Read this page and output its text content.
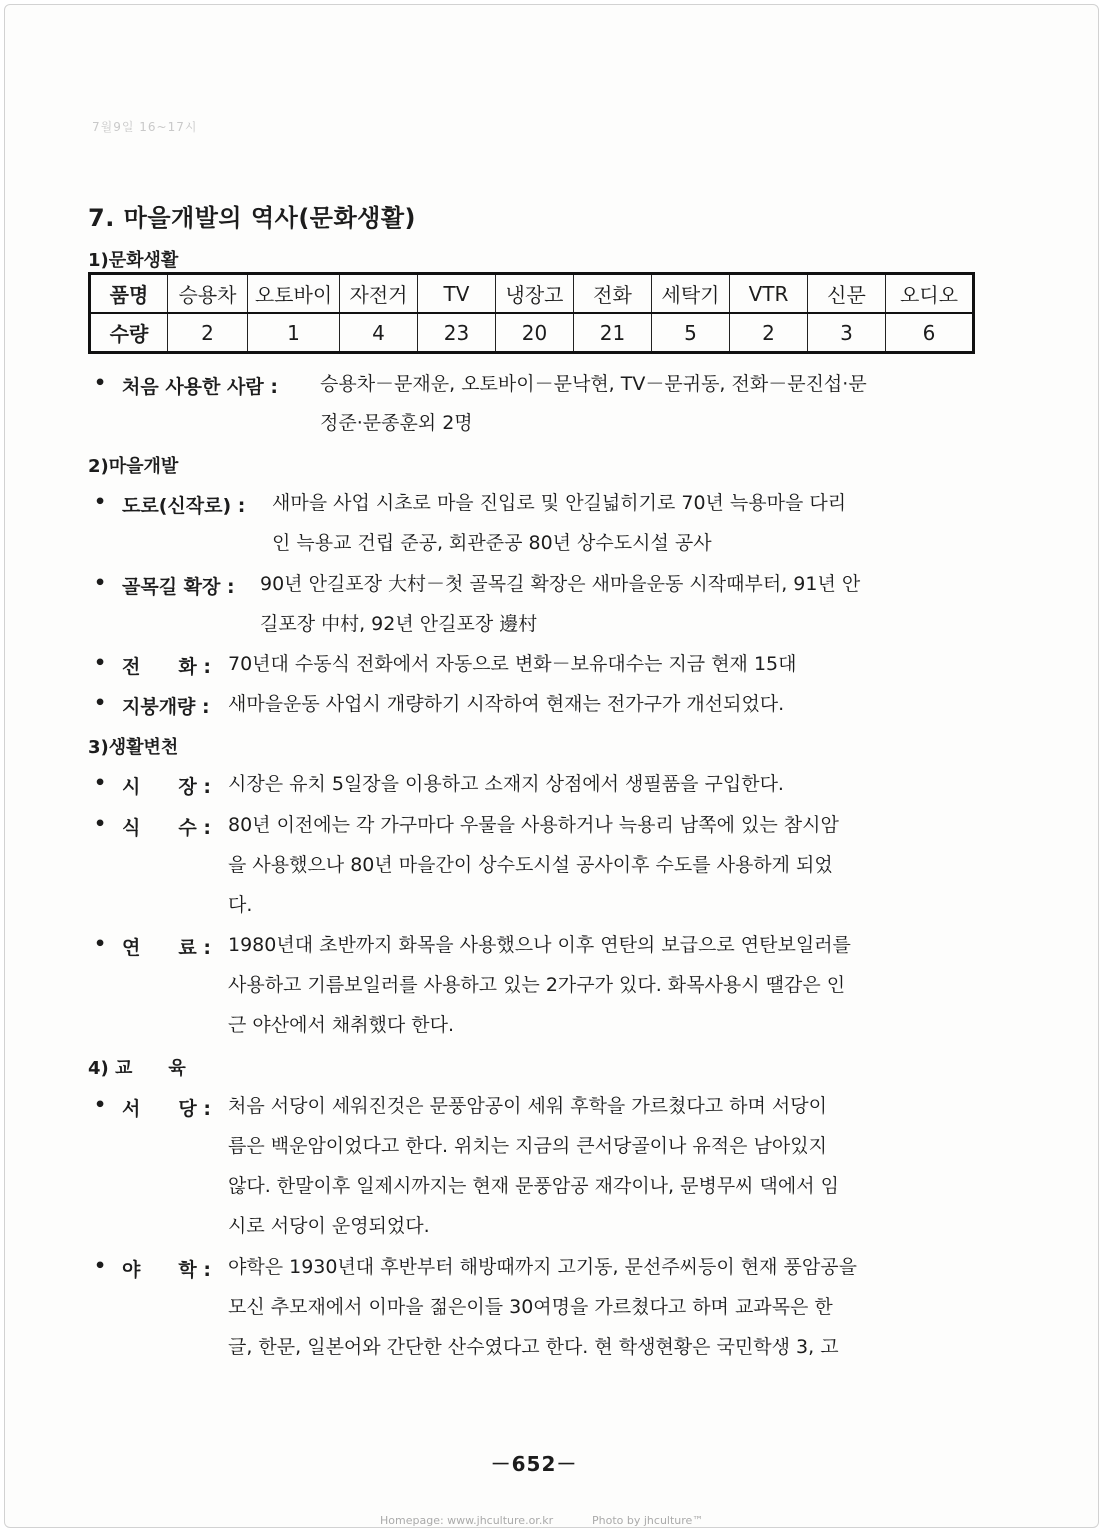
7월9일 16~17시
7. 마을개발의 역사(문화생활)
1)문화생활
품명	승용차	오토바이	자전거	TV	냉장고	전화	세탁기	VTR	신문	오디오
수량	2	1	4	23	20	21	5	2	3	6
• 처음 사용한 사람 : 승용차－문재운, 오토바이－문낙현, TV－문귀동, 전화－문진섭·문
정준·문종훈외 2명
2)마을개발
• 도로(신작로) : 새마을 사업 시초로 마을 진입로 및 안길넓히기로 70년 늑용마을 다리
인 늑용교 건립 준공, 회관준공 80년 상수도시설 공사
• 골목길 확장 : 90년 안길포장 大村－첫 골목길 확장은 새마을운동 시작때부터, 91년 안
길포장 中村, 92년 안길포장 邊村
• 전　　화 : 70년대 수동식 전화에서 자동으로 변화－보유대수는 지금 현재 15대
• 지붕개량 : 새마을운동 사업시 개량하기 시작하여 현재는 전가구가 개선되었다.
3)생활변천
• 시　　장 : 시장은 유치 5일장을 이용하고 소재지 상점에서 생필품을 구입한다.
• 식　　수 : 80년 이전에는 각 가구마다 우물을 사용하거나 늑용리 남쪽에 있는 참시암
을 사용했으나 80년 마을간이 상수도시설 공사이후 수도를 사용하게 되었
다.
• 연　　료 : 1980년대 초반까지 화목을 사용했으나 이후 연탄의 보급으로 연탄보일러를
사용하고 기름보일러를 사용하고 있는 2가구가 있다. 화목사용시 땔감은 인
근 야산에서 채취했다 한다.
4) 교　　육
• 서　　당 : 처음 서당이 세워진것은 문풍암공이 세워 후학을 가르쳤다고 하며 서당이
름은 백운암이었다고 한다. 위치는 지금의 큰서당골이나 유적은 남아있지
않다. 한말이후 일제시까지는 현재 문풍암공 재각이나, 문병무씨 댁에서 임
시로 서당이 운영되었다.
• 야　　학 : 야학은 1930년대 후반부터 해방때까지 고기동, 문선주씨등이 현재 풍암공을
모신 추모재에서 이마을 젊은이들 30여명을 가르쳤다고 하며 교과목은 한
글, 한문, 일본어와 간단한 산수였다고 한다. 현 학생현황은 국민학생 3, 고
－652－
Homepage: www.jhculture.or.kr	Photo by jhculture™
